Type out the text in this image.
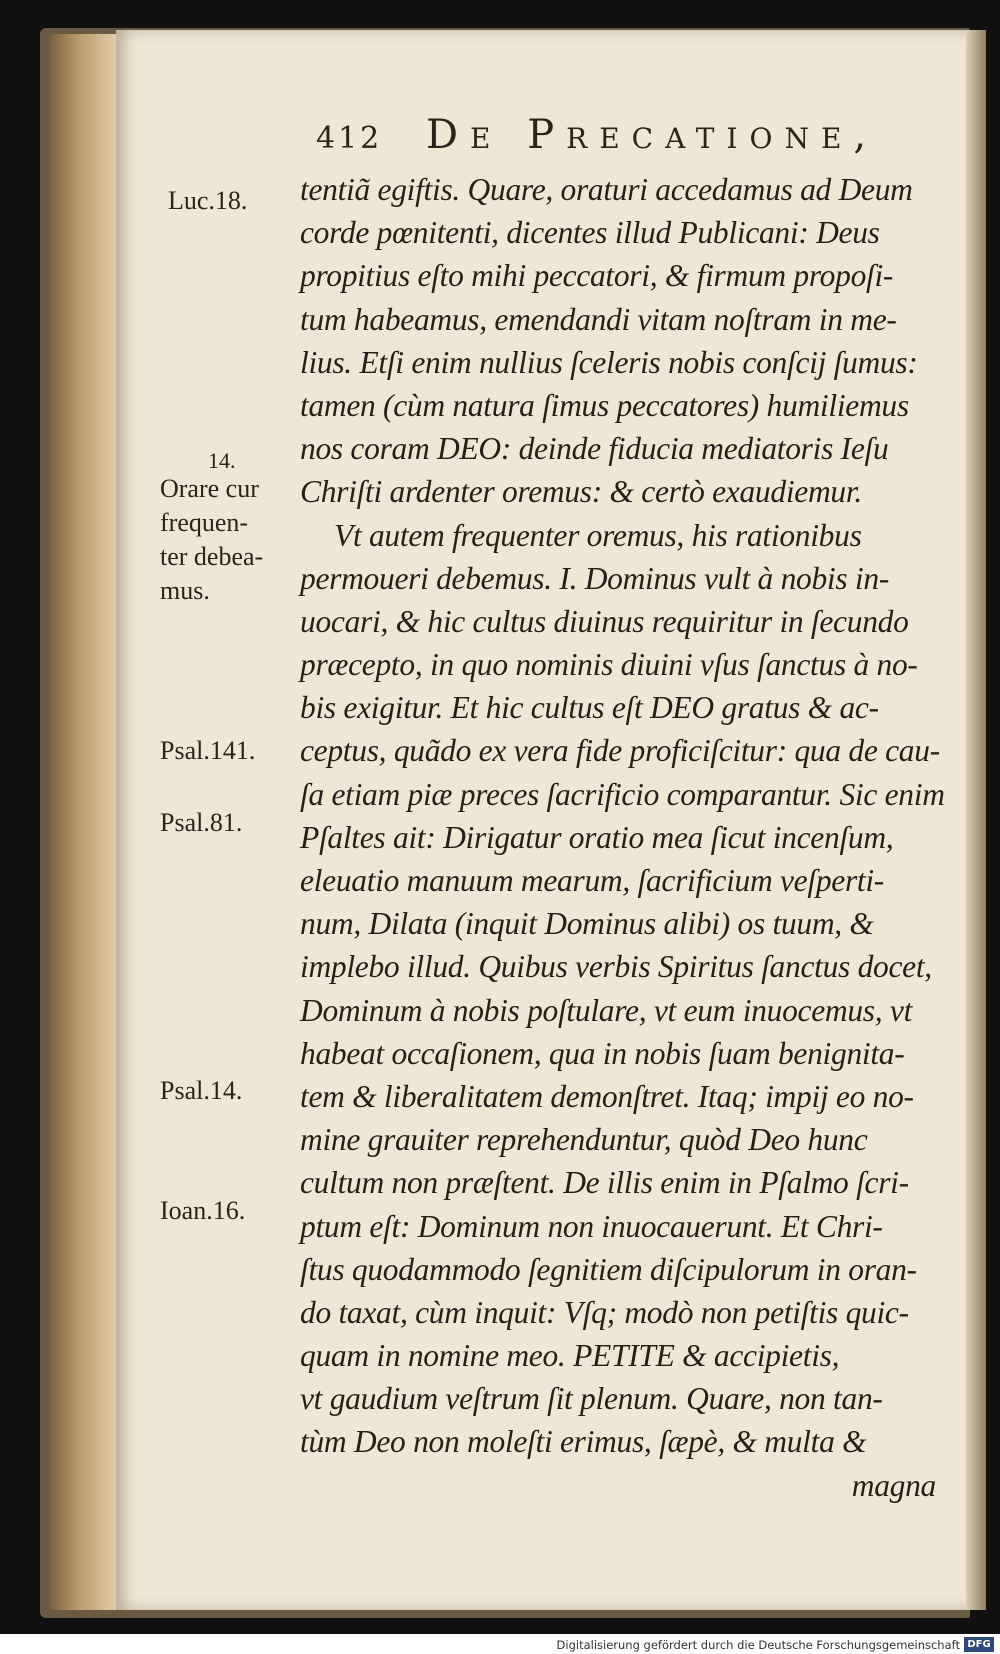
412 De Precatione,
Luc.18.
14.
Orare cur
frequen-
ter debea-
mus.
Psal.141.
Psal.81.
Psal.14.
Ioan.16.
tentiã egiftis. Quare, oraturi accedamus ad Deum
corde pœnitenti, dicentes illud Publicani: Deus
propitius eſto mihi peccatori, & firmum propoſi-
tum habeamus, emendandi vitam noſtram in me-
lius. Etſi enim nullius ſceleris nobis conſcij ſumus:
tamen (cùm natura ſimus peccatores) humiliemus
nos coram DEO: deinde fiducia mediatoris Ieſu
Chriſti ardenter oremus: & certò exaudiemur.
Vt autem frequenter oremus, his rationibus
permoueri debemus. I. Dominus vult à nobis in-
uocari, & hic cultus diuinus requiritur in ſecundo
præcepto, in quo nominis diuini vſus ſanctus à no-
bis exigitur. Et hic cultus eſt DEO gratus & ac-
ceptus, quãdo ex vera fide proficiſcitur: qua de cau-
ſa etiam piæ preces ſacrificio comparantur. Sic enim
Pſaltes ait: Dirigatur oratio mea ſicut incenſum,
eleuatio manuum mearum, ſacrificium veſperti-
num, Dilata (inquit Dominus alibi) os tuum, &
implebo illud. Quibus verbis Spiritus ſanctus docet,
Dominum à nobis poſtulare, vt eum inuocemus, vt
habeat occaſionem, qua in nobis ſuam benignita-
tem & liberalitatem demonſtret. Itaq; impij eo no-
mine grauiter reprehenduntur, quòd Deo hunc
cultum non præſtent. De illis enim in Pſalmo ſcri-
ptum eſt: Dominum non inuocauerunt. Et Chri-
ſtus quodammodo ſegnitiem diſcipulorum in oran-
do taxat, cùm inquit: Vſq; modò non petiſtis quic-
quam in nomine meo. PETITE & accipietis,
vt gaudium veſtrum ſit plenum. Quare, non tan-
tùm Deo non moleſti erimus, ſæpè, & multa &
magna
Digitalisierung gefördert durch die Deutsche Forschungsgemeinschaft DFG
